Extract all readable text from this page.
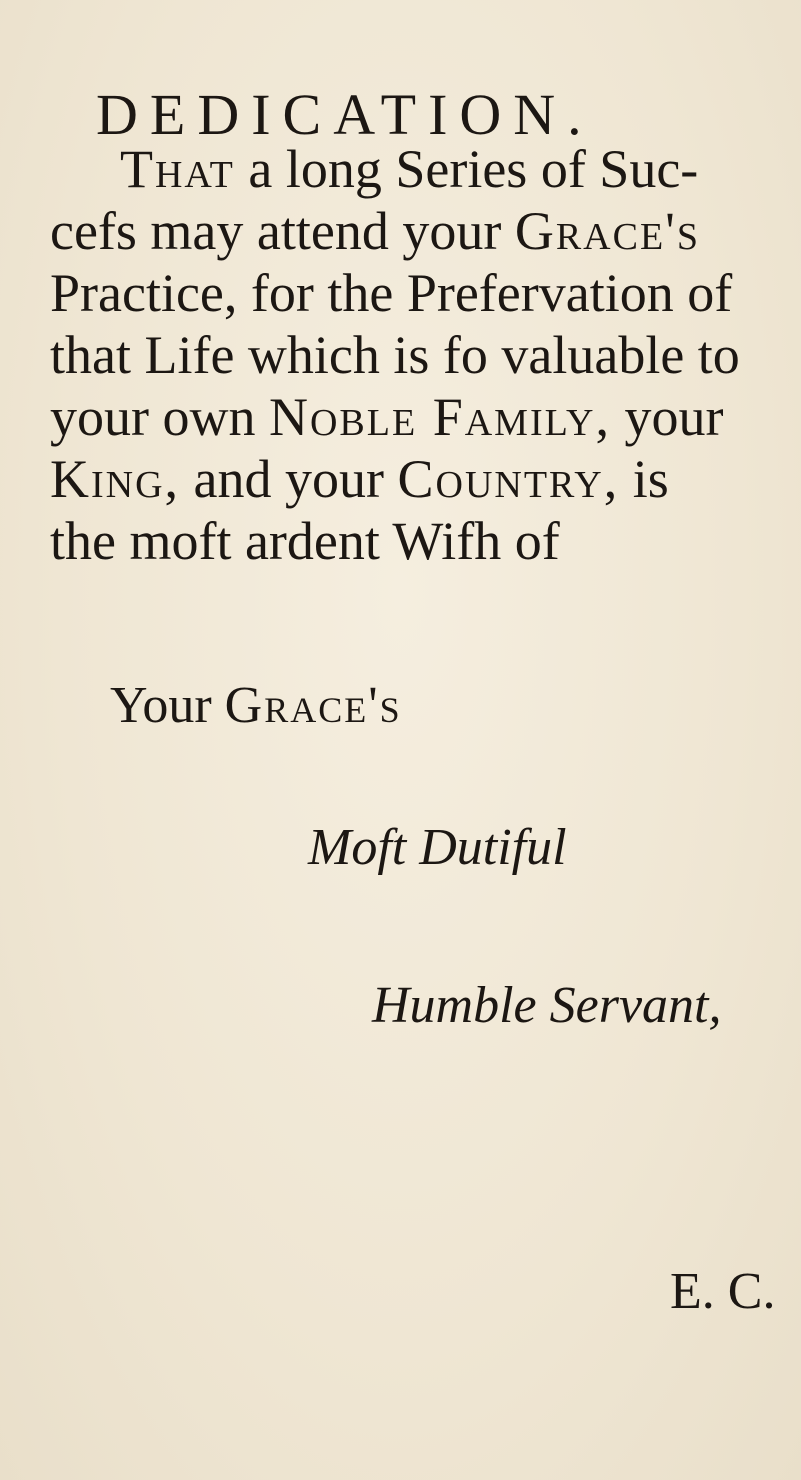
DEDICATION.
That a long Series of Suc-
cefs may attend your Grace's
Practice, for the Prefervation of
that Life which is fo valuable to
your own Noble Family, your
King, and your Country, is
the moft ardent Wifh of
Your Grace's
Moft Dutiful
Humble Servant,
E. C.
